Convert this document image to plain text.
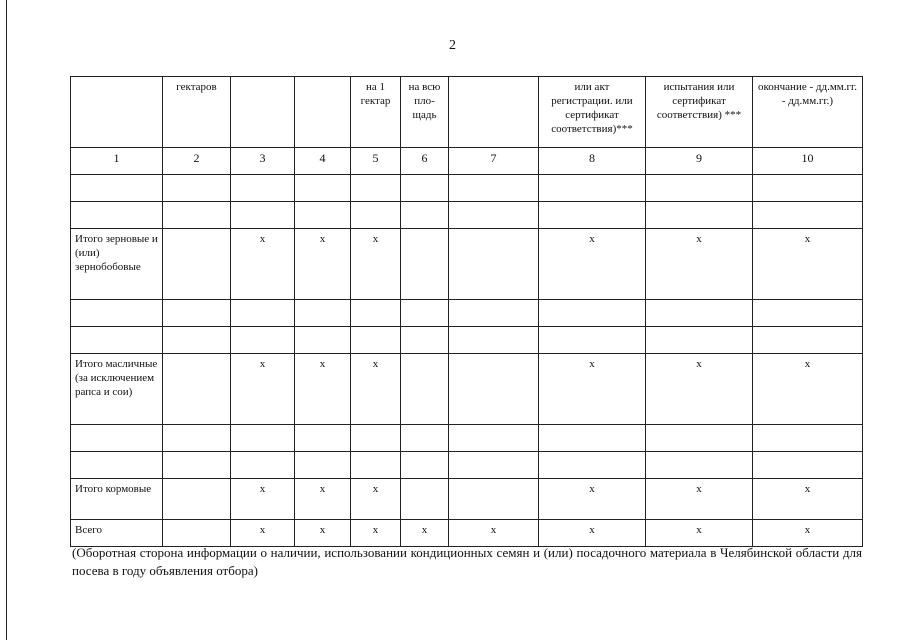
2
	гектаров			на 1 гектар	на всю пло-щадь		или акт регистрации. или сертификат соответствия)***	испытания или сертификат соответствия) ***	окончание - дд.мм.гг. - дд.мм.гг.)
1	2	3	4	5	6	7	8	9	10

Итого зерновые и (или) зернобобовые		x	x	x			x	x	x

Итого масличные (за исключением рапса и сои)		x	x	x			x	x	x

Итого кормовые		x	x	x			x	x	x
Всего		x	x	x	x	x	x	x	x
(Оборотная сторона информации о наличии, использовании кондиционных семян и (или) посадочного материала в Челябинской области для посева в году объявления отбора)
